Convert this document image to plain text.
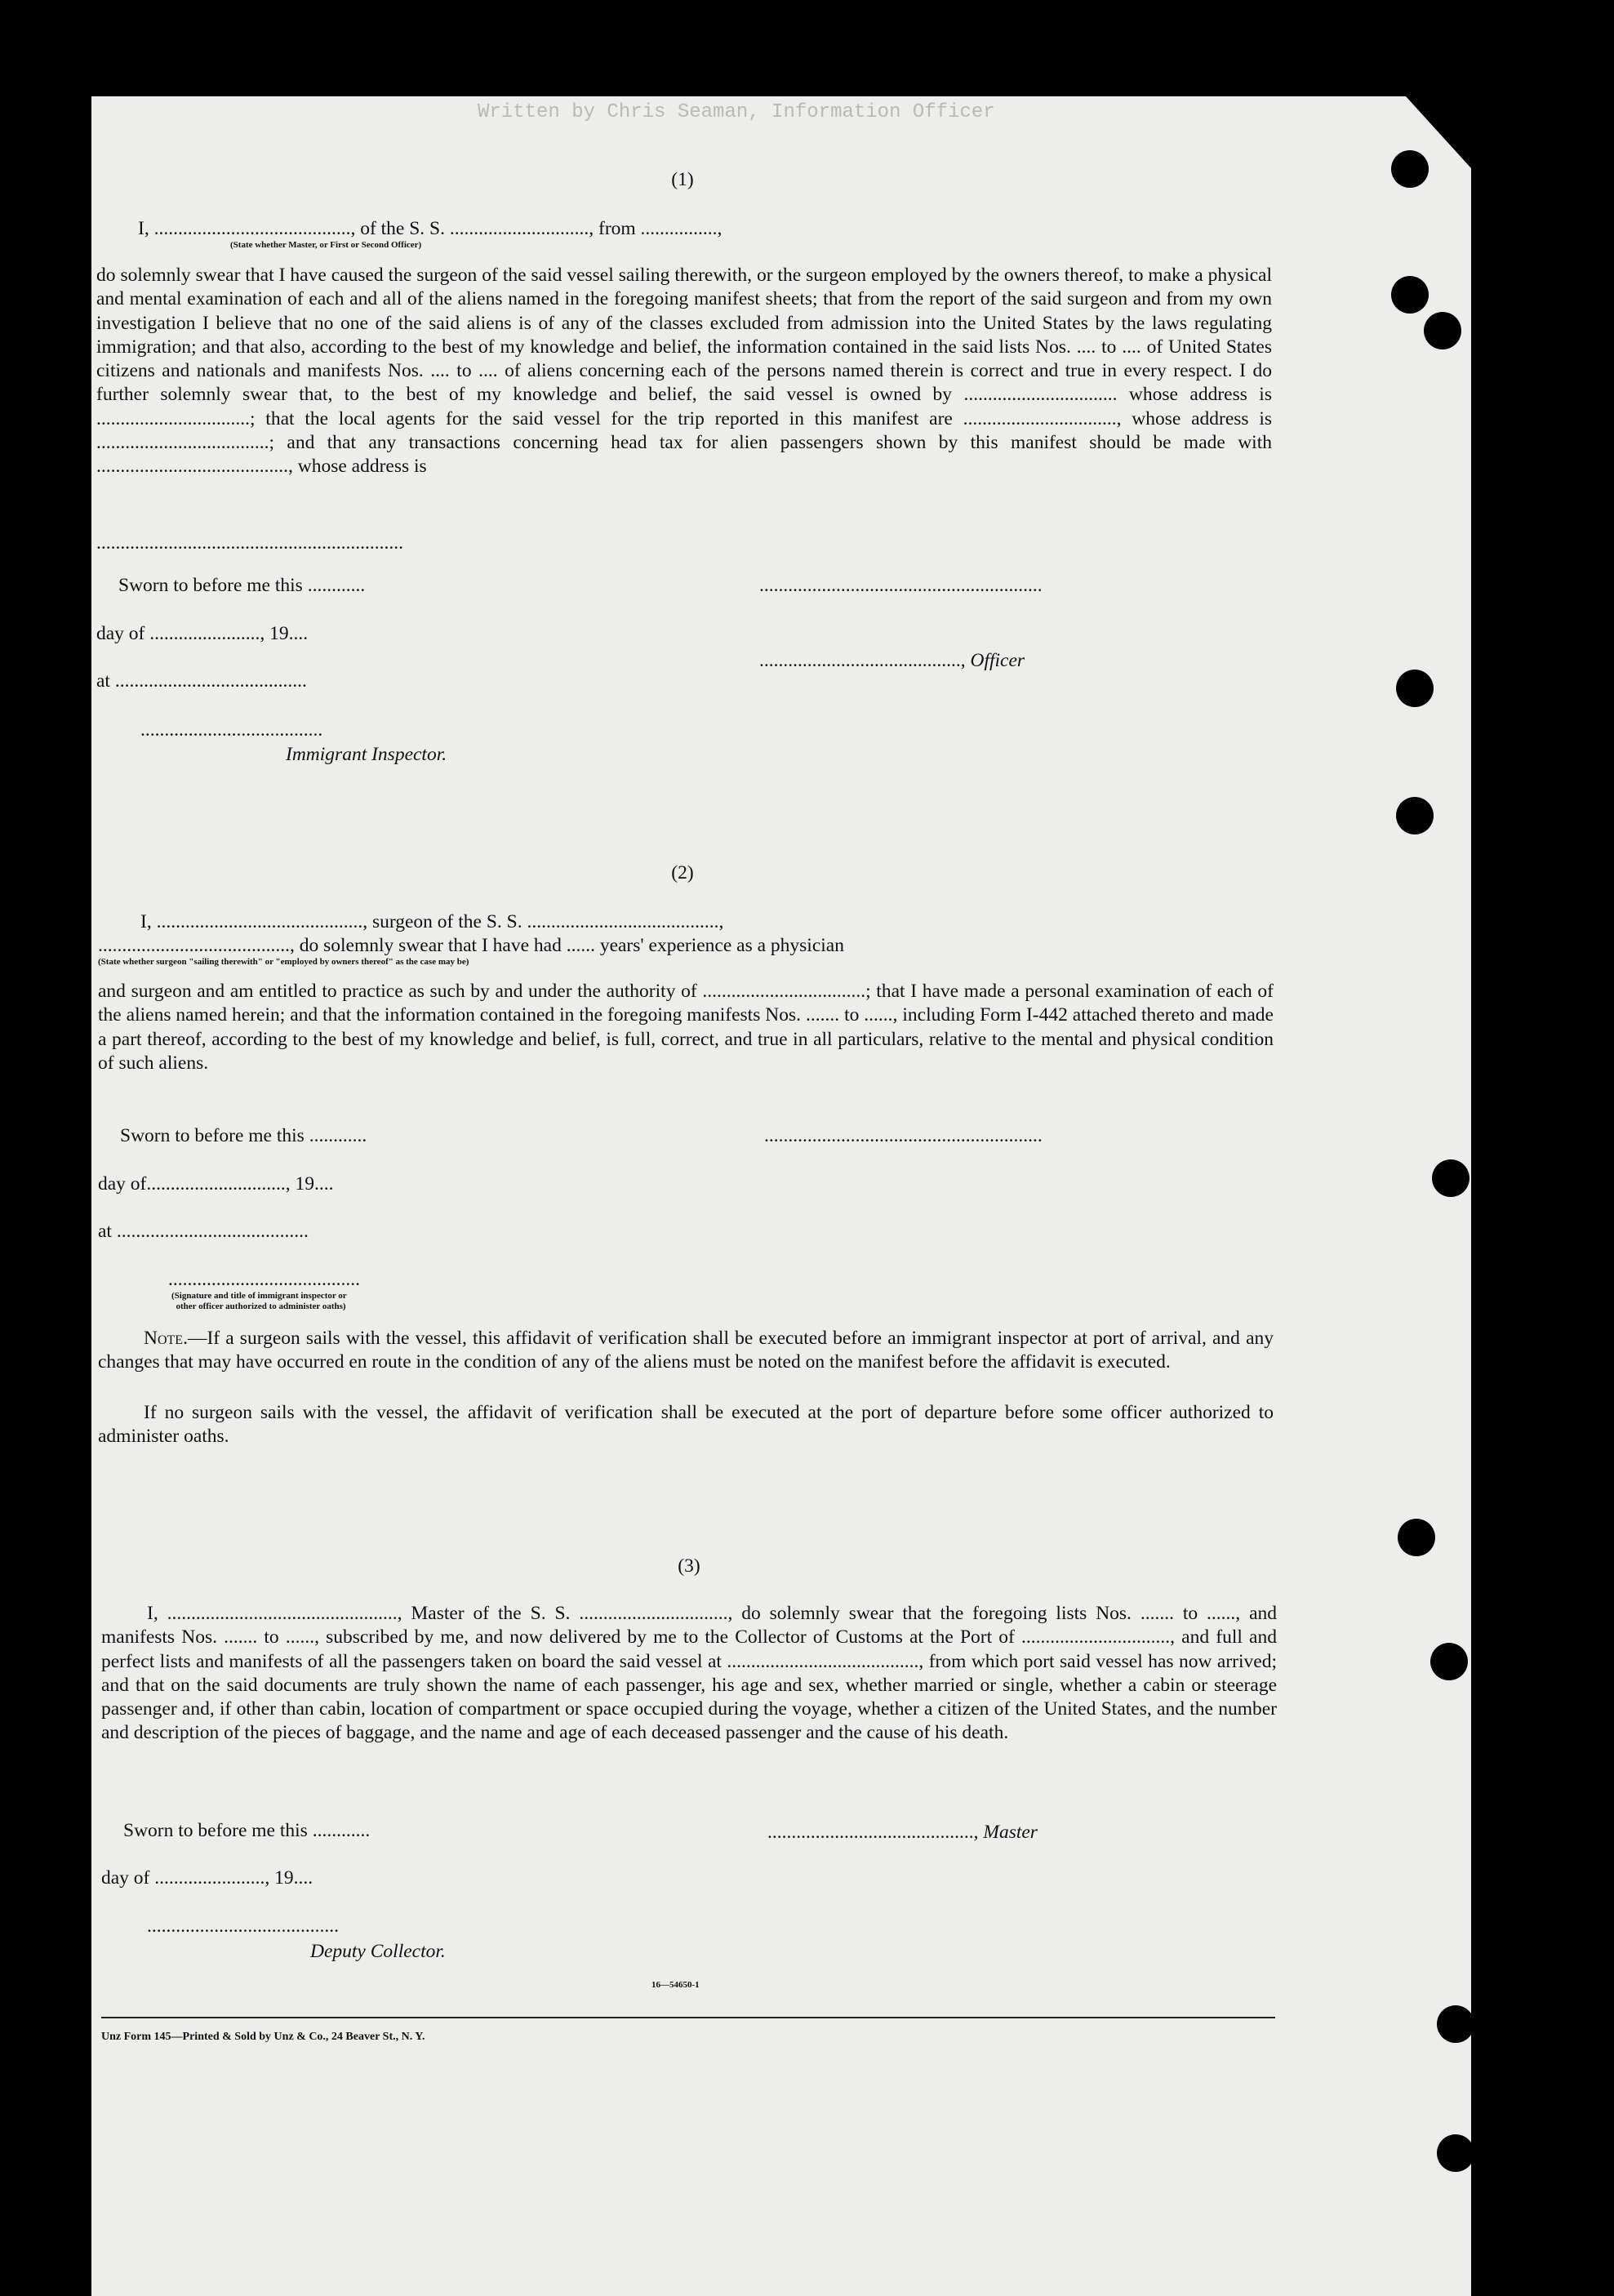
Written by Chris Seaman, Information Officer
(1)
I, ........................................., of the S. S. ............................., from ................,
(State whether Master, or First or Second Officer)
do solemnly swear that I have caused the surgeon of the said vessel sailing therewith, or the surgeon employed by the owners thereof, to make a physical and mental examination of each and all of the aliens named in the foregoing manifest sheets; that from the report of the said surgeon and from my own investigation I believe that no one of the said aliens is of any of the classes excluded from admission into the United States by the laws regulating immigration; and that also, according to the best of my knowledge and belief, the information contained in the said lists Nos. .... to .... of United States citizens and nationals and manifests Nos. .... to .... of aliens concerning each of the persons named therein is correct and true in every respect. I do further solemnly swear that, to the best of my knowledge and belief, the said vessel is owned by ................................ whose address is ................................; that the local agents for the said vessel for the trip reported in this manifest are ................................, whose address is ....................................; and that any transactions concerning head tax for alien passengers shown by this manifest should be made with ........................................, whose address is
................................................................
Sworn to before me this ............	...........................................................
day of ......................., 19....
.........................................., Officer
at ........................................
......................................
Immigrant Inspector.
(2)
I, ..........................................., surgeon of the S. S. ........................................,
........................................, do solemnly swear that I have had ...... years' experience as a physician
(State whether surgeon "sailing therewith" or "employed by owners thereof" as the case may be)
and surgeon and am entitled to practice as such by and under the authority of ..................................; that I have made a personal examination of each of the aliens named herein; and that the information contained in the foregoing manifests Nos. ....... to ......, including Form I-442 attached thereto and made a part thereof, according to the best of my knowledge and belief, is full, correct, and true in all particulars, relative to the mental and physical condition of such aliens.
Sworn to before me this ............	..........................................................
day of............................., 19....
at ........................................
........................................
(Signature and title of immigrant inspector or
other officer authorized to administer oaths)
Note.—If a surgeon sails with the vessel, this affidavit of verification shall be executed before an immigrant inspector at port of arrival, and any changes that may have occurred en route in the condition of any of the aliens must be noted on the manifest before the affidavit is executed.
If no surgeon sails with the vessel, the affidavit of verification shall be executed at the port of departure before some officer authorized to administer oaths.
(3)
I, ................................................, Master of the S. S. ..............................., do solemnly swear that the foregoing lists Nos. ....... to ......, and manifests Nos. ....... to ......, subscribed by me, and now delivered by me to the Collector of Customs at the Port of ..............................., and full and perfect lists and manifests of all the passengers taken on board the said vessel at ........................................, from which port said vessel has now arrived; and that on the said documents are truly shown the name of each passenger, his age and sex, whether married or single, whether a cabin or steerage passenger and, if other than cabin, location of compartment or space occupied during the voyage, whether a citizen of the United States, and the number and description of the pieces of baggage, and the name and age of each deceased passenger and the cause of his death.
Sworn to before me this ............	..........................................., Master
day of ......................., 19....
........................................
Deputy Collector.
16—54650-1
Unz Form 145—Printed & Sold by Unz & Co., 24 Beaver St., N. Y.
